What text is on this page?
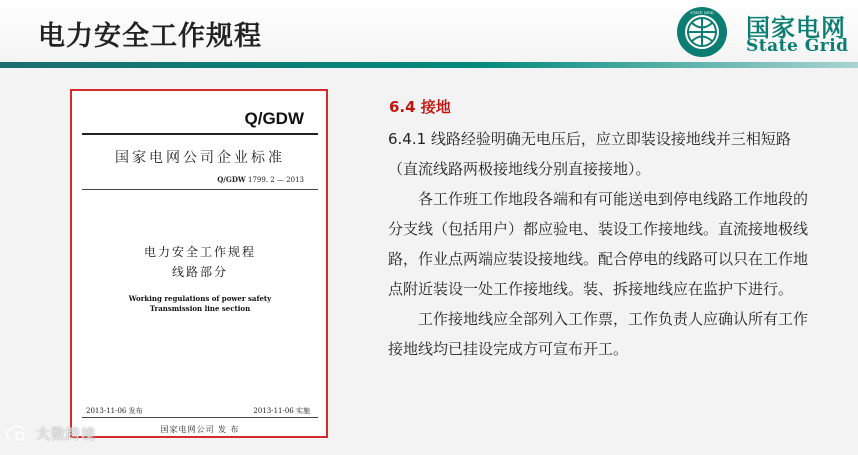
电力安全工作规程
STATE GRID
国家电网
State Grid
Q/GDW
国家电网公司企业标准
Q/GDW 1799. 2 — 2013
电力安全工作规程
线路部分
Working regulations of power safety
Transmission line section
2013-11-06 发布	2013-11-06 实施
国家电网公司 发 布
6.4 接地

6.4.1 线路经验明确无电压后，应立即装设接地线并三相短路（直流线路两极接地线分别直接接地）。

各工作班工作地段各端和有可能送电到停电线路工作地段的分支线（包括用户）都应验电、装设工作接地线。直流接地极线路，作业点两端应装设接地线。配合停电的线路可以只在工作地点附近装设一处工作接地线。装、拆接地线应在监护下进行。

工作接地线应全部列入工作票，工作负责人应确认所有工作接地线均已挂设完成方可宣布开工。

大数跨境
